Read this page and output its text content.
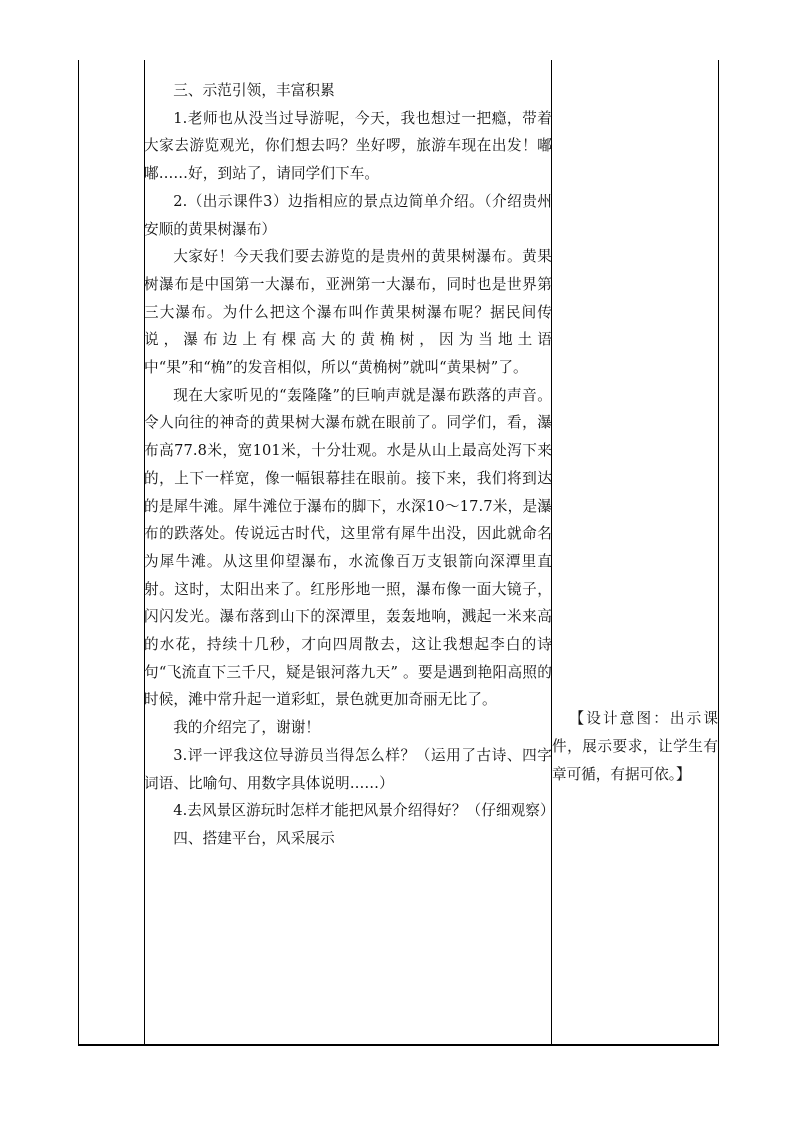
三、示范引领，丰富积累

1.老师也从没当过导游呢，今天，我也想过一把瘾，带着大家去游览观光，你们想去吗？坐好啰，旅游车现在出发！嘟嘟……好，到站了，请同学们下车。

2.（出示课件3）边指相应的景点边简单介绍。（介绍贵州安顺的黄果树瀑布）

大家好！今天我们要去游览的是贵州的黄果树瀑布。黄果树瀑布是中国第一大瀑布，亚洲第一大瀑布，同时也是世界第三大瀑布。为什么把这个瀑布叫作黄果树瀑布呢？据民间传说，瀑布边上有棵高大的黄桷树，因为当地土语中“果”和“桷”的发音相似，所以“黄桷树”就叫“黄果树”了。

现在大家听见的“轰隆隆”的巨响声就是瀑布跌落的声音。令人向往的神奇的黄果树大瀑布就在眼前了。同学们，看，瀑布高77.8米，宽101米，十分壮观。水是从山上最高处泻下来的，上下一样宽，像一幅银幕挂在眼前。接下来，我们将到达的是犀牛滩。犀牛滩位于瀑布的脚下，水深10～17.7米，是瀑布的跌落处。传说远古时代，这里常有犀牛出没，因此就命名为犀牛滩。从这里仰望瀑布，水流像百万支银箭向深潭里直射。这时，太阳出来了。红彤彤地一照，瀑布像一面大镜子，闪闪发光。瀑布落到山下的深潭里，轰轰地响，溅起一米来高的水花，持续十几秒，才向四周散去，这让我想起李白的诗句“飞流直下三千尺，疑是银河落九天” 。要是遇到艳阳高照的时候，滩中常升起一道彩虹，景色就更加奇丽无比了。

我的介绍完了，谢谢！

3.评一评我这位导游员当得怎么样？（运用了古诗、四字词语、比喻句、用数字具体说明……）

4.去风景区游玩时怎样才能把风景介绍得好？（仔细观察）

四、搭建平台，风采展示

【设计意图：出示课件，展示要求，让学生有章可循，有据可依。】
